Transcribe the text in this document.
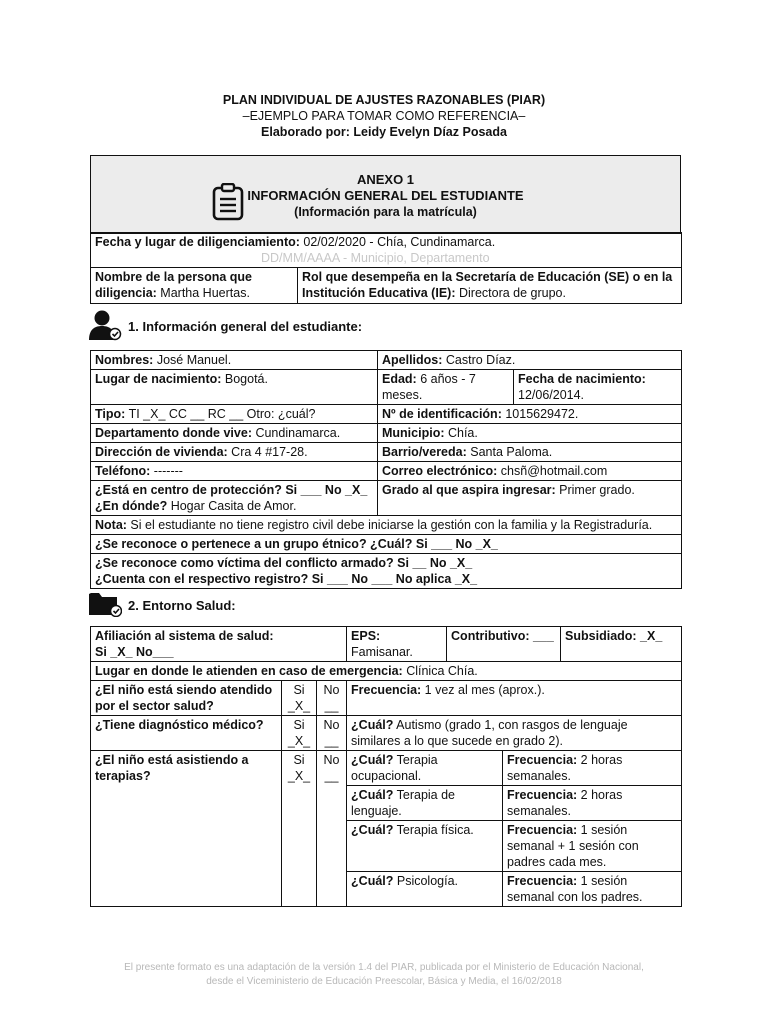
PLAN INDIVIDUAL DE AJUSTES RAZONABLES (PIAR)
–EJEMPLO PARA TOMAR COMO REFERENCIA–
Elaborado por: Leidy Evelyn Díaz Posada
ANEXO 1
INFORMACIÓN GENERAL DEL ESTUDIANTE
(Información para la matrícula)
Fecha y lugar de diligenciamiento: 02/02/2020 - Chía, Cundinamarca.
DD/MM/AAAA - Municipio, Departamento
Nombre de la persona que diligencia: Martha Huertas.	Rol que desempeña en la Secretaría de Educación (SE) o en la Institución Educativa (IE): Directora de grupo.
1. Información general del estudiante:
Nombres: José Manuel.	Apellidos: Castro Díaz.	
Lugar de nacimiento: Bogotá.	Edad: 6 años - 7 meses.	Fecha de nacimiento:
12/06/2014.
Tipo: TI _X_ CC __ RC __ Otro: ¿cuál?	Nº de identificación: 1015629472.	
Departamento donde vive: Cundinamarca.	Municipio: Chía.	
Dirección de vivienda: Cra 4 #17-28.	Barrio/vereda: Santa Paloma.	
Teléfono: -------	Correo electrónico: chsñ@hotmail.com	
¿Está en centro de protección? Si ___ No _X_
¿En dónde? Hogar Casita de Amor.	Grado al que aspira ingresar: Primer grado.	
Nota: Si el estudiante no tiene registro civil debe iniciarse la gestión con la familia y la Registraduría.		
¿Se reconoce o pertenece a un grupo étnico? ¿Cuál? Si ___ No _X_		
¿Se reconoce como víctima del conflicto armado? Si __ No _X_
¿Cuenta con el respectivo registro? Si ___ No ___ No aplica _X_		
2. Entorno Salud:
Afiliación al sistema de salud:
Si _X_ No___			EPS:
Famisanar.	Contributivo: ___		Subsidiado: _X_
Lugar en donde le atienden en caso de emergencia: Clínica Chía.						
¿El niño está siendo atendido por el sector salud?	Si _X_	No __	Frecuencia: 1 vez al mes (aprox.).			
¿Tiene diagnóstico médico?	Si _X_	No __	¿Cuál? Autismo (grado 1, con rasgos de lenguaje similares a lo que sucede en grado 2).			
¿El niño está asistiendo a terapias?	Si _X_	No __	¿Cuál? Terapia ocupacional.		Frecuencia: 2 horas semanales.	
			¿Cuál? Terapia de lenguaje.		Frecuencia: 2 horas semanales.	
			¿Cuál? Terapia física.		Frecuencia: 1 sesión semanal + 1 sesión con padres cada mes.	
			¿Cuál? Psicología.		Frecuencia: 1 sesión semanal con los padres.	
El presente formato es una adaptación de la versión 1.4 del PIAR, publicada por el Ministerio de Educación Nacional,
desde el Viceministerio de Educación Preescolar, Básica y Media, el 16/02/2018
